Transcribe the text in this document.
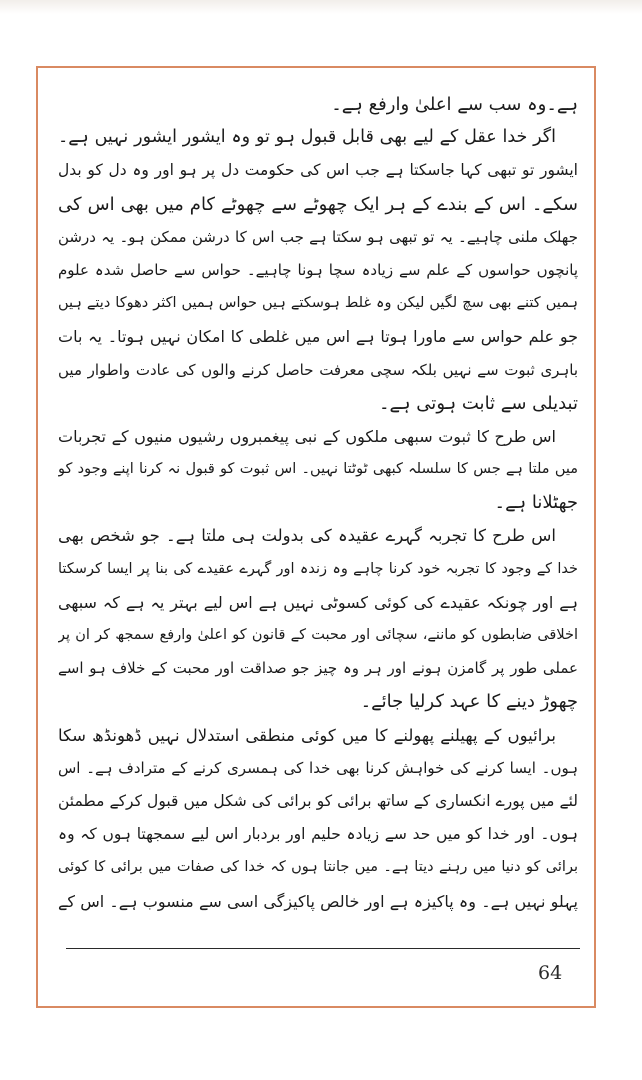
ہے۔وہ سب سے اعلیٰ وارفع ہے۔
اگر خدا عقل کے لیے بھی قابل قبول ہو تو وہ ایشور ایشور نہیں ہے۔
ایشور تو تبھی کہا جاسکتا ہے جب اس کی حکومت دل پر ہو اور وہ دل کو بدل
سکے۔ اس کے بندے کے ہر ایک چھوٹے سے چھوٹے کام میں بھی اس کی
جھلک ملنی چاہیے۔ یہ تو تبھی ہو سکتا ہے جب اس کا درشن ممکن ہو۔ یہ درشن
پانچوں حواسوں کے علم سے زیادہ سچا ہونا چاہیے۔ حواس سے حاصل شدہ علوم
ہمیں کتنے بھی سچ لگیں لیکن وہ غلط ہوسکتے ہیں حواس ہمیں اکثر دھوکا دیتے ہیں
جو علم حواس سے ماورا ہوتا ہے اس میں غلطی کا امکان نہیں ہوتا۔ یہ بات
باہری ثبوت سے نہیں بلکہ سچی معرفت حاصل کرنے والوں کی عادت واطوار میں
تبدیلی سے ثابت ہوتی ہے۔
اس طرح کا ثبوت سبھی ملکوں کے نبی پیغمبروں رشیوں منیوں کے تجربات
میں ملتا ہے جس کا سلسلہ کبھی ٹوٹتا نہیں۔ اس ثبوت کو قبول نہ کرنا اپنے وجود کو
جھٹلانا ہے۔
اس طرح کا تجربہ گہرے عقیدہ کی بدولت ہی ملتا ہے۔ جو شخص بھی
خدا کے وجود کا تجربہ خود کرنا چاہے وہ زندہ اور گہرے عقیدے کی بنا پر ایسا کرسکتا
ہے اور چونکہ عقیدے کی کوئی کسوٹی نہیں ہے اس لیے بہتر یہ ہے کہ سبھی
اخلاقی ضابطوں کو ماننے، سچائی اور محبت کے قانون کو اعلیٰ وارفع سمجھ کر ان پر
عملی طور پر گامزن ہونے اور ہر وہ چیز جو صداقت اور محبت کے خلاف ہو اسے
چھوڑ دینے کا عہد کرلیا جائے۔
برائیوں کے پھیلنے پھولنے کا میں کوئی منطقی استدلال نہیں ڈھونڈھ سکا
ہوں۔ ایسا کرنے کی خواہش کرنا بھی خدا کی ہمسری کرنے کے مترادف ہے۔ اس
لئے میں پورے انکساری کے ساتھ برائی کو برائی کی شکل میں قبول کرکے مطمئن
ہوں۔ اور خدا کو میں حد سے زیادہ حلیم اور بردبار اس لیے سمجھتا ہوں کہ وہ
برائی کو دنیا میں رہنے دیتا ہے۔ میں جانتا ہوں کہ خدا کی صفات میں برائی کا کوئی
پہلو نہیں ہے۔ وہ پاکیزہ ہے اور خالص پاکیزگی اسی سے منسوب ہے۔ اس کے
64
